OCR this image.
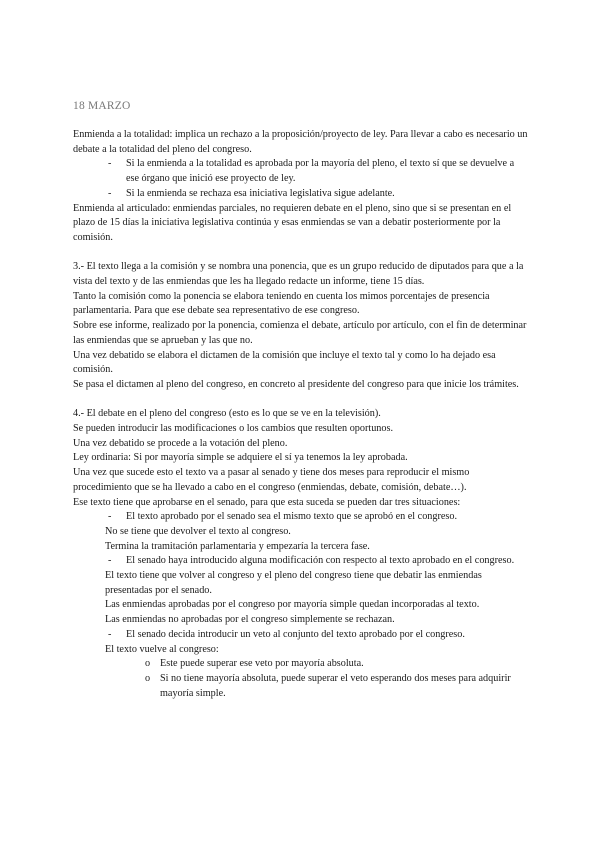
18 MARZO

Enmienda a la totalidad: implica un rechazo a la proposición/proyecto de ley. Para llevar a cabo es necesario un debate a la totalidad del pleno del congreso.

- Si la enmienda a la totalidad es aprobada por la mayoría del pleno, el texto sí que se devuelve a ese órgano que inició ese proyecto de ley.

- Si la enmienda se rechaza esa iniciativa legislativa sigue adelante.

Enmienda al articulado: enmiendas parciales, no requieren debate en el pleno, sino que si se presentan en el plazo de 15 días la iniciativa legislativa continúa y esas enmiendas se van a debatir posteriormente por la comisión.

3.- El texto llega a la comisión y se nombra una ponencia, que es un grupo reducido de diputados para que a la vista del texto y de las enmiendas que les ha llegado redacte un informe, tiene 15 días.

Tanto la comisión como la ponencia se elabora teniendo en cuenta los mimos porcentajes de presencia parlamentaria. Para que ese debate sea representativo de ese congreso.

Sobre ese informe, realizado por la ponencia, comienza el debate, artículo por artículo, con el fin de determinar las enmiendas que se aprueban y las que no.

Una vez debatido se elabora el dictamen de la comisión que incluye el texto tal y como lo ha dejado esa comisión.

Se pasa el dictamen al pleno del congreso, en concreto al presidente del congreso para que inicie los trámites.

4.- El debate en el pleno del congreso (esto es lo que se ve en la televisión).

Se pueden introducir las modificaciones o los cambios que resulten oportunos.

Una vez debatido se procede a la votación del pleno.

Ley ordinaria: Si por mayoría simple se adquiere el sí ya tenemos la ley aprobada.

Una vez que sucede esto el texto va a pasar al senado y tiene dos meses para reproducir el mismo procedimiento que se ha llevado a cabo en el congreso (enmiendas, debate, comisión, debate…).

Ese texto tiene que aprobarse en el senado, para que esta suceda se pueden dar tres situaciones:

- El texto aprobado por el senado sea el mismo texto que se aprobó en el congreso.

No se tiene que devolver el texto al congreso.

Termina la tramitación parlamentaria y empezaría la tercera fase.

- El senado haya introducido alguna modificación con respecto al texto aprobado en el congreso.

El texto tiene que volver al congreso y el pleno del congreso tiene que debatir las enmiendas presentadas por el senado.

Las enmiendas aprobadas por el congreso por mayoría simple quedan incorporadas al texto.

Las enmiendas no aprobadas por el congreso simplemente se rechazan.

- El senado decida introducir un veto al conjunto del texto aprobado por el congreso.

El texto vuelve al congreso:

o Este puede superar ese veto por mayoría absoluta.

o Si no tiene mayoría absoluta, puede superar el veto esperando dos meses para adquirir mayoría simple.
